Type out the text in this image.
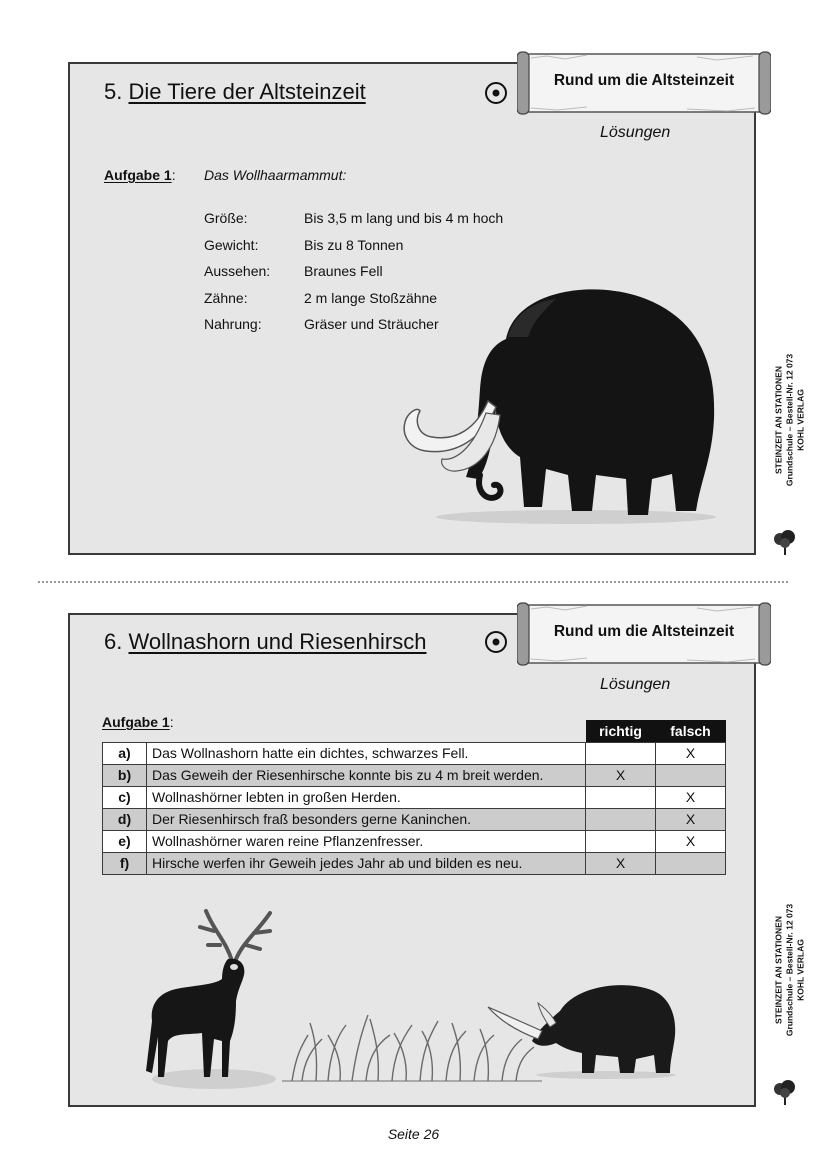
5. Die Tiere der Altsteinzeit
Aufgabe 1: Das Wollhaarmammut:
Größe:	Bis 3,5 m lang und bis 4 m hoch
Gewicht:	Bis zu 8 Tonnen
Aussehen: Braunes Fell
Zähne:	2 m lange Stoßzähne
Nahrung:	Gräser und Sträucher
Rund um die Altsteinzeit
Lösungen
6. Wollnashorn und Riesenhirsch
Aufgabe 1:
Rund um die Altsteinzeit
Lösungen
		richtig	falsch
a)	Das Wollnashorn hatte ein dichtes, schwarzes Fell.		X
b)	Das Geweih der Riesenhirsche konnte bis zu 4 m breit werden.	X	
c)	Wollnashörner lebten in großen Herden.		X
d)	Der Riesenhirsch fraß besonders gerne Kaninchen.		X
e)	Wollnashörner waren reine Pflanzenfresser.		X
f)	Hirsche werfen ihr Geweih jedes Jahr ab und bilden es neu.	X	
STEINZEIT AN STATIONEN Grundschule – Bestell-Nr. 12 073 KOHL VERLAG
STEINZEIT AN STATIONEN Grundschule – Bestell-Nr. 12 073 KOHL VERLAG
Seite 26
